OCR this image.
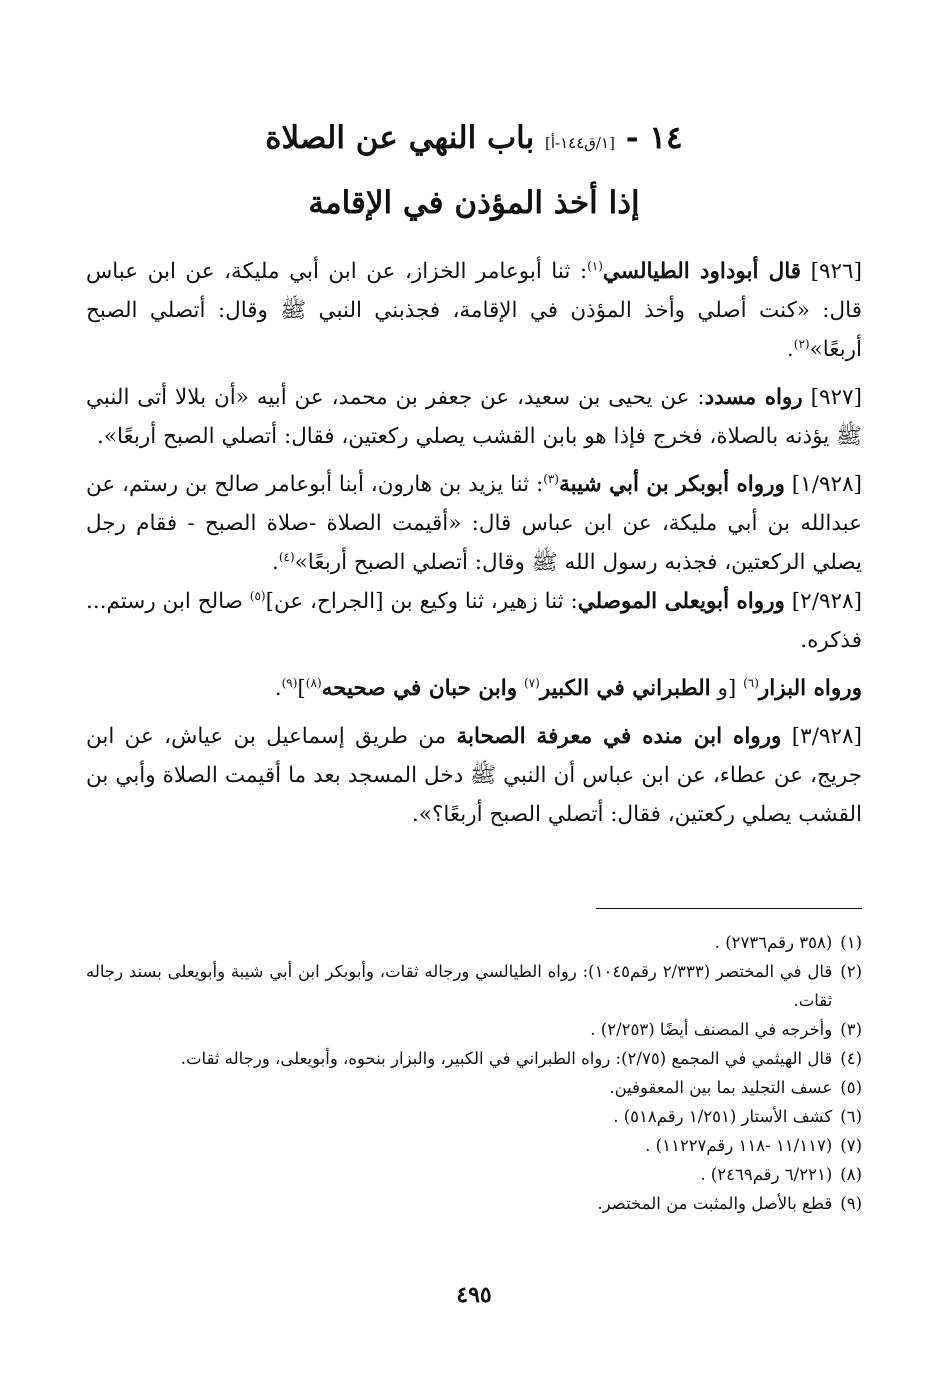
١٤ - [١/ق١٤٤-أ] باب النهي عن الصلاة
إذا أخذ المؤذن في الإقامة

[٩٢٦] قال أبوداود الطيالسي$^{(١)}$: ثنا أبوعامر الخزاز، عن ابن أبي مليكة، عن ابن عباس قال: «كنت أصلي وأخذ المؤذن في الإقامة، فجذبني النبي ﷺ وقال: أتصلي الصبح أربعًا»$^{(٢)}$.

[٩٢٧] رواه مسدد: عن يحيى بن سعيد، عن جعفر بن محمد، عن أبيه «أن بلالا أتى النبي ﷺ يؤذنه بالصلاة، فخرج فإذا هو بابن القشب يصلي ركعتين، فقال: أتصلي الصبح أربعًا».

[١/٩٢٨] ورواه أبوبكر بن أبي شيبة$^{(٣)}$: ثنا يزيد بن هارون، أبنا أبوعامر صالح بن رستم، عن عبدالله بن أبي مليكة، عن ابن عباس قال: «أقيمت الصلاة -صلاة الصبح - فقام رجل يصلي الركعتين، فجذبه رسول الله ﷺ وقال: أتصلي الصبح أربعًا»$^{(٤)}$.

[٢/٩٢٨] ورواه أبويعلى الموصلي: ثنا زهير، ثنا وكيع بن [الجراح، عن]$^{(٥)}$ صالح ابن رستم... فذكره.

ورواه البزار$^{(٦)}$ [و الطبراني في الكبير$^{(٧)}$ وابن حبان في صحيحه$^{(٨)}$]$^{(٩)}$.

[٣/٩٢٨] ورواه ابن منده في معرفة الصحابة من طريق إسماعيل بن عياش، عن ابن جريج، عن عطاء، عن ابن عباس أن النبي ﷺ دخل المسجد بعد ما أقيمت الصلاة وأبي بن القشب يصلي ركعتين، فقال: أتصلي الصبح أربعًا؟».

(١)
(٣٥٨ رقم٢٧٣٦) .
(٢)
قال في المختصر (٢/٣٣٣ رقم١٠٤٥): رواه الطيالسي ورجاله ثقات، وأبوبكر ابن أبي شيبة وأبويعلى بسند رجاله ثقات.
(٣)
وأخرجه في المصنف أيضًا (٢/٢٥٣) .
(٤)
قال الهيثمي في المجمع (٢/٧٥): رواه الطبراني في الكبير، والبزار بنحوه، وأبويعلى، ورجاله ثقات.
(٥)
عسف التجليد بما بين المعقوفين.
(٦)
كشف الأستار (١/٢٥١ رقم٥١٨) .
(٧)
(١١/١١٧ -١١٨ رقم١١٢٢٧) .
(٨)
(٦/٢٢١ رقم٢٤٦٩) .
(٩)
قطع بالأصل والمثبت من المختصر.
٤٩٥
